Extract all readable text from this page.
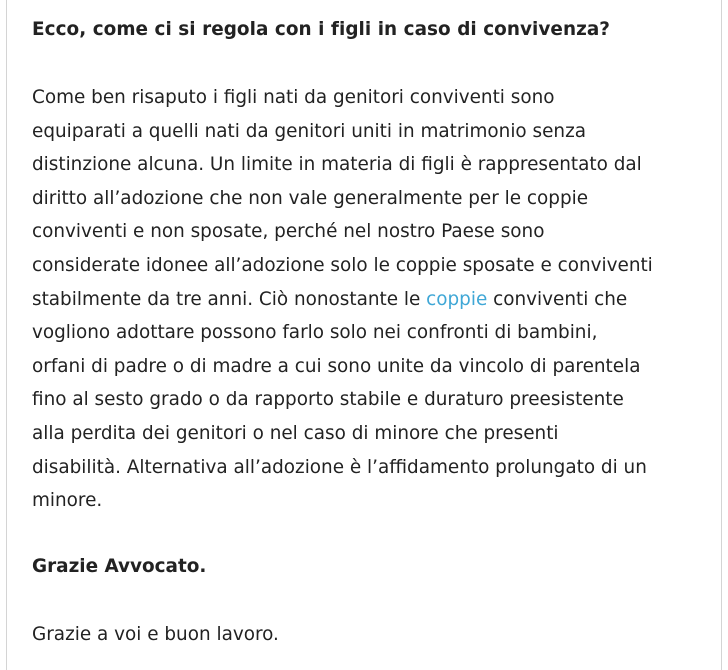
Ecco, come ci si regola con i figli in caso di convivenza?

Come ben risaputo i figli nati da genitori conviventi sono
equiparati a quelli nati da genitori uniti in matrimonio senza
distinzione alcuna. Un limite in materia di figli è rappresentato dal
diritto all’adozione che non vale generalmente per le coppie
conviventi e non sposate, perché nel nostro Paese sono
considerate idonee all’adozione solo le coppie sposate e conviventi
stabilmente da tre anni. Ciò nonostante le coppie conviventi che
vogliono adottare possono farlo solo nei confronti di bambini,
orfani di padre o di madre a cui sono unite da vincolo di parentela
fino al sesto grado o da rapporto stabile e duraturo preesistente
alla perdita dei genitori o nel caso di minore che presenti
disabilità. Alternativa all’adozione è l’affidamento prolungato di un
minore.

Grazie Avvocato.

Grazie a voi e buon lavoro.
